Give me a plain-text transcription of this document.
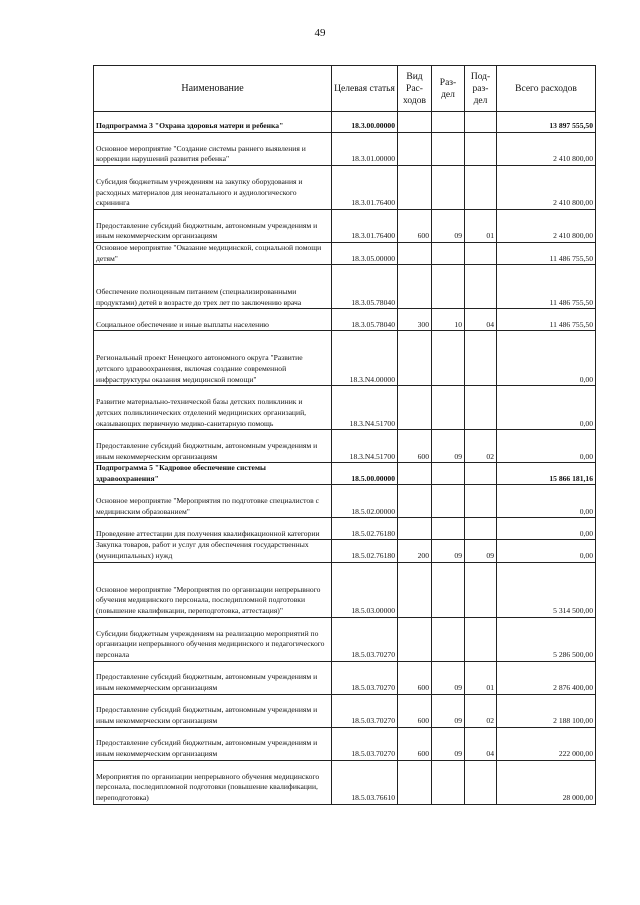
49
Наименование	Целевая статья	Вид Рас- ходов	Раз- дел	Под- раз- дел	Всего расходов
Подпрограмма 3 "Охрана здоровья матери и ребенка"	18.3.00.00000				13 897 555,50
Основное мероприятие "Создание системы раннего выявления и коррекции нарушений развития ребенка"	18.3.01.00000				2 410 800,00
Субсидия бюджетным учреждениям на закупку оборудования и расходных материалов для неонатального и аудиологического скрининга	18.3.01.76400				2 410 800,00
Предоставление субсидий бюджетным, автономным учреждениям и иным некоммерческим организациям	18.3.01.76400	600	09	01	2 410 800,00
Основное мероприятие "Оказание медицинской, социальной помощи детям"	18.3.05.00000				11 486 755,50
Обеспечение полноценным питанием (специализированными продуктами) детей в возрасте до трех лет по заключению врача	18.3.05.78040				11 486 755,50
Социальное обеспечение и иные выплаты населению	18.3.05.78040	300	10	04	11 486 755,50
Региональный проект Ненецкого автономного округа "Развитие детского здравоохранения, включая создание современной инфраструктуры оказания медицинской помощи"	18.3.N4.00000				0,00
Развитие материально-технической базы детских поликлиник и детских поликлинических отделений медицинских организаций, оказывающих первичную медико-санитарную помощь	18.3.N4.51700				0,00
Предоставление субсидий бюджетным, автономным учреждениям и иным некоммерческим организациям	18.3.N4.51700	600	09	02	0,00
Подпрограмма 5 "Кадровое обеспечение системы здравоохранения"	18.5.00.00000				15 866 181,16
Основное мероприятие "Мероприятия по подготовке специалистов с медицинским образованием"	18.5.02.00000				0,00
Проведение аттестации для получения квалификационной категории	18.5.02.76180				0,00
Закупка товаров, работ и услуг для обеспечения государственных (муниципальных) нужд	18.5.02.76180	200	09	09	0,00
Основное мероприятие "Мероприятия по организации непрерывного обучения медицинского персонала, последипломной подготовки (повышение квалификации, переподготовка, аттестация)"	18.5.03.00000				5 314 500,00
Субсидии бюджетным учреждениям на реализацию мероприятий по организации непрерывного обучения медицинского и педагогического персонала	18.5.03.70270				5 286 500,00
Предоставление субсидий бюджетным, автономным учреждениям и иным некоммерческим организациям	18.5.03.70270	600	09	01	2 876 400,00
Предоставление субсидий бюджетным, автономным учреждениям и иным некоммерческим организациям	18.5.03.70270	600	09	02	2 188 100,00
Предоставление субсидий бюджетным, автономным учреждениям и иным некоммерческим организациям	18.5.03.70270	600	09	04	222 000,00
Мероприятия по организации непрерывного обучения медицинского персонала, последипломной подготовки (повышение квалификации, переподготовка)	18.5.03.76610				28 000,00
